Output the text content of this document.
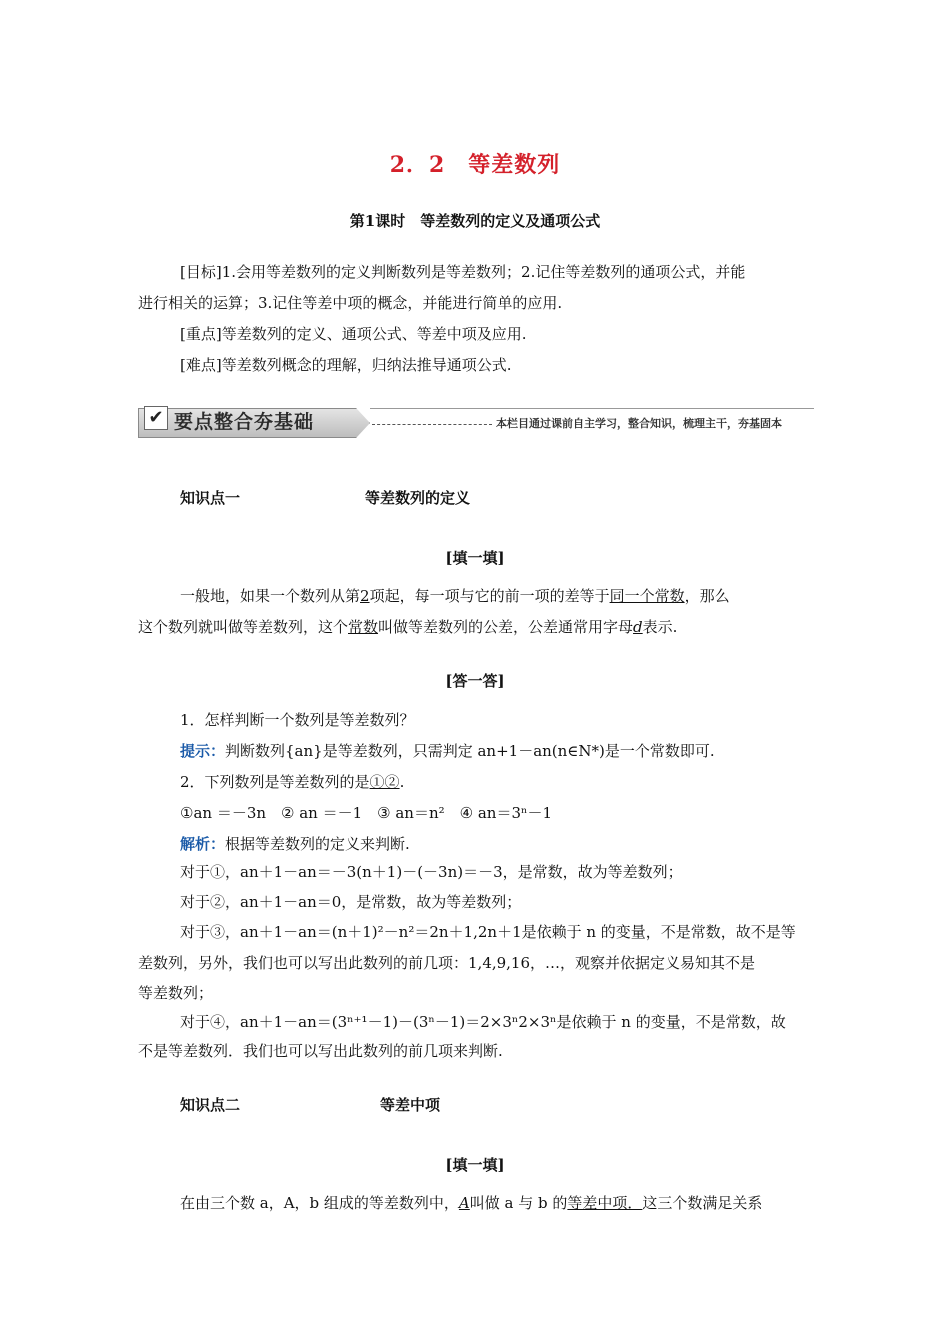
2．2　等差数列
第1课时　等差数列的定义及通项公式
[目标]1.会用等差数列的定义判断数列是等差数列；2.记住等差数列的通项公式，并能
进行相关的运算；3.记住等差中项的概念，并能进行简单的应用.
[重点]等差数列的定义、通项公式、等差中项及应用.
[难点]等差数列概念的理解，归纳法推导通项公式.
✔ 要点整合夯基础	本栏目通过课前自主学习，整合知识，梳理主干，夯基固本
知识点一	等差数列的定义
[填一填]
一般地，如果一个数列从第2项起，每一项与它的前一项的差等于同一个常数，那么
这个数列就叫做等差数列，这个常数叫做等差数列的公差，公差通常用字母d表示.
[答一答]
1．怎样判断一个数列是等差数列？
提示：判断数列{an}是等差数列，只需判定 an+1－an(n∈N*)是一个常数即可.
2．下列数列是等差数列的是①②.
①an ＝－3n　② an ＝－1　③ an＝n²　④ an＝3ⁿ－1
解析：根据等差数列的定义来判断.
对于①，an＋1－an＝－3(n＋1)－(－3n)＝－3，是常数，故为等差数列；
对于②，an＋1－an＝0，是常数，故为等差数列；
对于③，an＋1－an＝(n＋1)²－n²＝2n＋1,2n＋1是依赖于 n 的变量，不是常数，故不是等
差数列，另外，我们也可以写出此数列的前几项：1,4,9,16，…，观察并依据定义易知其不是
等差数列；
对于④，an＋1－an＝(3ⁿ⁺¹－1)－(3ⁿ－1)＝2×3ⁿ2×3ⁿ是依赖于 n 的变量，不是常数，故
不是等差数列．我们也可以写出此数列的前几项来判断.
知识点二	等差中项
[填一填]
在由三个数 a，A，b 组成的等差数列中，A叫做 a 与 b 的等差中项．这三个数满足关系
